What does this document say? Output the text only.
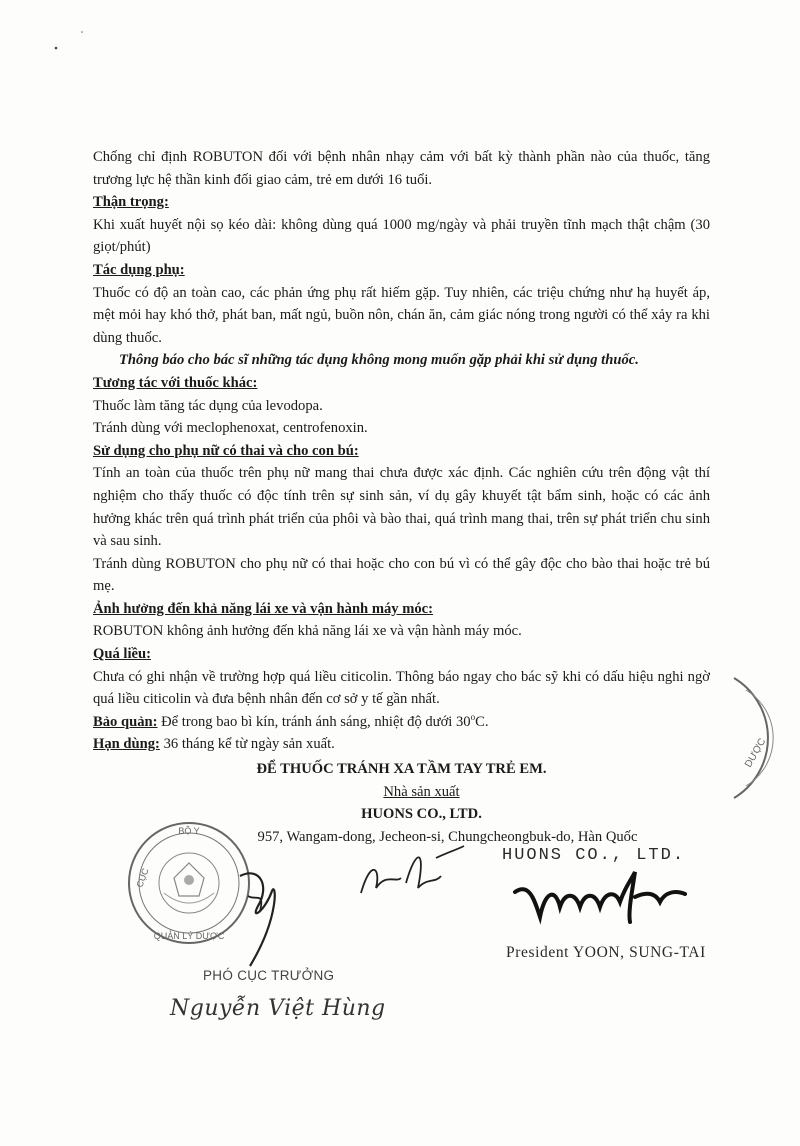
Chống chỉ định ROBUTON đối với bệnh nhân nhạy cảm với bất kỳ thành phần nào của thuốc, tăng trương lực hệ thần kinh đối giao cảm, trẻ em dưới 16 tuổi.

Thận trọng:

Khi xuất huyết nội sọ kéo dài: không dùng quá 1000 mg/ngày và phải truyền tĩnh mạch thật chậm (30 giọt/phút)

Tác dụng phụ:

Thuốc có độ an toàn cao, các phản ứng phụ rất hiếm gặp. Tuy nhiên, các triệu chứng như hạ huyết áp, mệt mỏi hay khó thở, phát ban, mất ngủ, buồn nôn, chán ăn, cảm giác nóng trong người có thể xảy ra khi dùng thuốc.

Thông báo cho bác sĩ những tác dụng không mong muốn gặp phải khi sử dụng thuốc.

Tương tác với thuốc khác:

Thuốc làm tăng tác dụng của levodopa.

Tránh dùng với meclophenoxat, centrofenoxin.

Sử dụng cho phụ nữ có thai và cho con bú:

Tính an toàn của thuốc trên phụ nữ mang thai chưa được xác định. Các nghiên cứu trên động vật thí nghiệm cho thấy thuốc có độc tính trên sự sinh sản, ví dụ gây khuyết tật bẩm sinh, hoặc có các ảnh hưởng khác trên quá trình phát triển của phôi và bào thai, quá trình mang thai, trên sự phát triển chu sinh và sau sinh.

Tránh dùng ROBUTON cho phụ nữ có thai hoặc cho con bú vì có thể gây độc cho bào thai hoặc trẻ bú mẹ.

Ảnh hưởng đến khả năng lái xe và vận hành máy móc:

ROBUTON không ảnh hưởng đến khả năng lái xe và vận hành máy móc.

Quá liều:

Chưa có ghi nhận về trường hợp quá liều citicolin. Thông báo ngay cho bác sỹ khi có dấu hiệu nghi ngờ quá liều citicolin và đưa bệnh nhân đến cơ sở y tế gần nhất.

Bảo quản: Để trong bao bì kín, tránh ánh sáng, nhiệt độ dưới 30$^o$C.

Hạn dùng: 36 tháng kể từ ngày sản xuất.

ĐỂ THUỐC TRÁNH XA TẦM TAY TRẺ EM.

Nhà sản xuất

HUONS CO., LTD.

957, Wangam-dong, Jecheon-si, Chungcheongbuk-do, Hàn Quốc

BỘ Y
CỤC
QUẢN LÝ DƯỢC
DƯỢC
HUONS CO., LTD.
President YOON, SUNG-TAI
PHÓ CỤC TRƯỞNG
Nguyễn Việt Hùng
